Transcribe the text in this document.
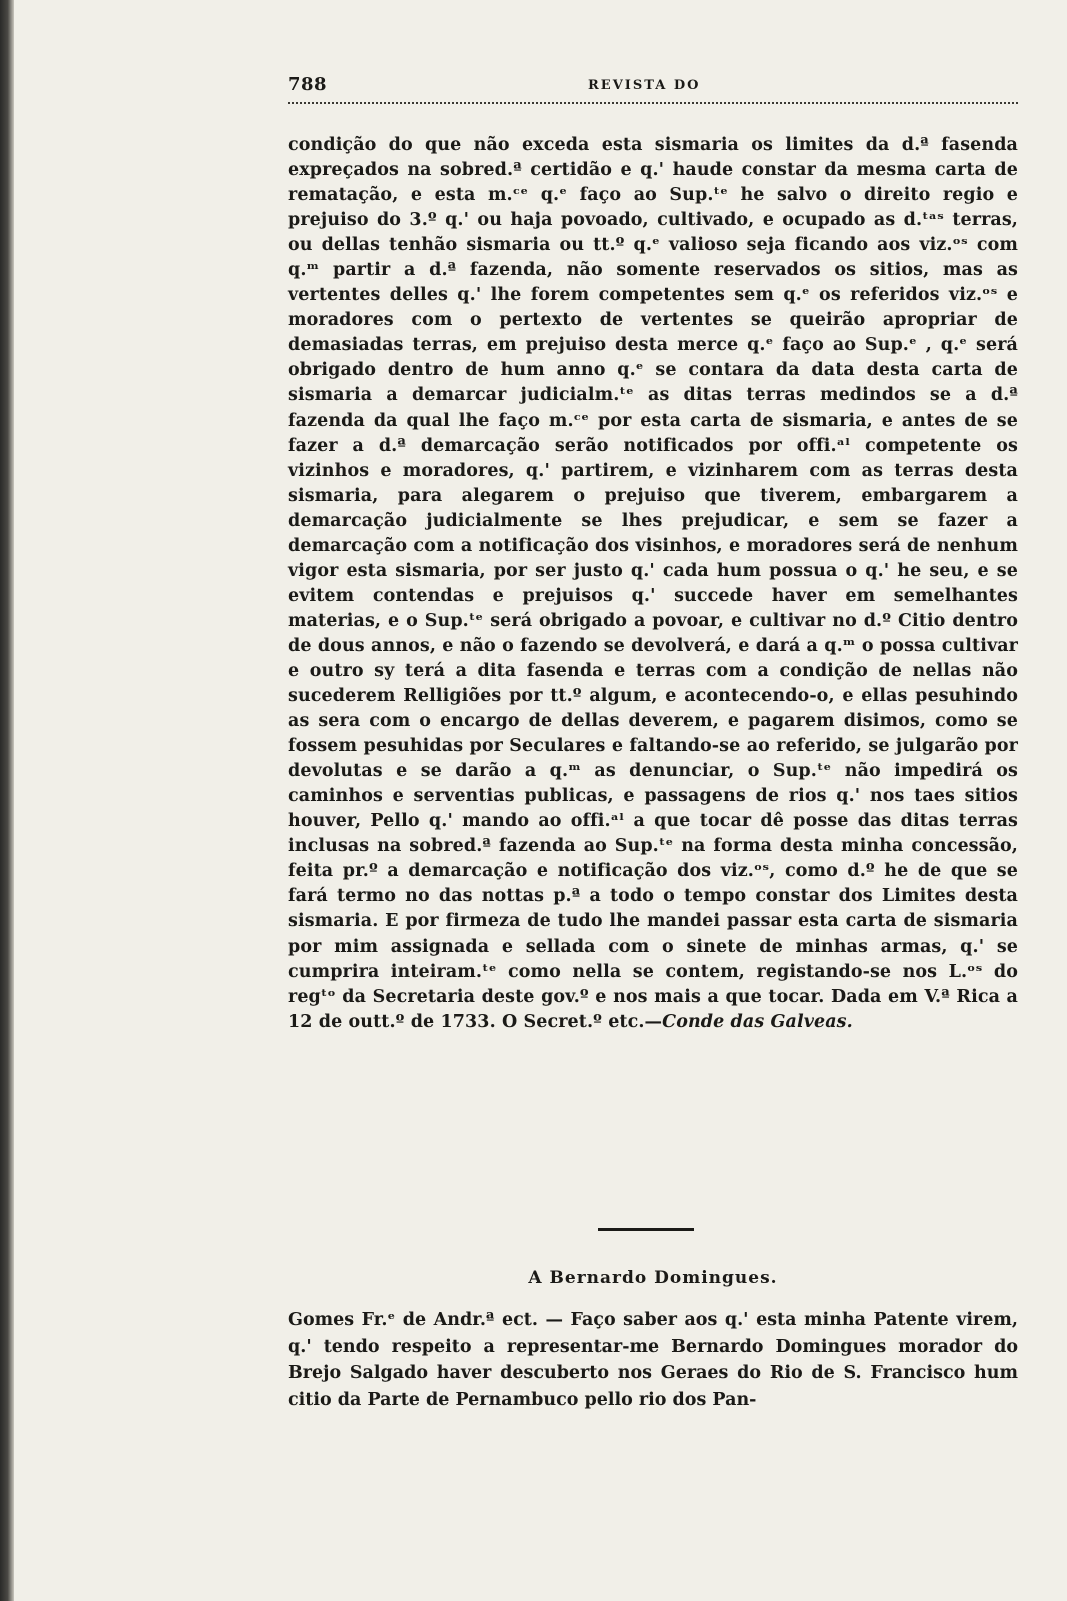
788	REVISTA DO

condição do que não exceda esta sismaria os limites da d.ª fasenda expreçados na sobred.ª certidão e q.' haude constar da mesma carta de rematação, e esta m.ᶜᵉ q.ᵉ faço ao Sup.ᵗᵉ he salvo o direito regio e prejuiso do 3.º q.' ou haja povoado, cultivado, e ocupado as d.ᵗᵃˢ terras, ou dellas tenhão sismaria ou tt.º q.ᵉ valioso seja ficando aos viz.ᵒˢ com q.ᵐ partir a d.ª fazenda, não somente reservados os sitios, mas as vertentes delles q.' lhe forem competentes sem q.ᵉ os referidos viz.ᵒˢ e moradores com o pertexto de vertentes se queirão apropriar de demasiadas terras, em prejuiso desta merce q.ᵉ faço ao Sup.ᵉ , q.ᵉ será obrigado dentro de hum anno q.ᵉ se contara da data desta carta de sismaria a demarcar judicialm.ᵗᵉ as ditas terras medindos se a d.ª fazenda da qual lhe faço m.ᶜᵉ por esta carta de sismaria, e antes de se fazer a d.ª demarcação serão notificados por offi.ᵃˡ competente os vizinhos e moradores, q.' partirem, e vizinharem com as terras desta sismaria, para alegarem o prejuiso que tiverem, embargarem a demarcação judicialmente se lhes prejudicar, e sem se fazer a demarcação com a notificação dos visinhos, e moradores será de nenhum vigor esta sismaria, por ser justo q.' cada hum possua o q.' he seu, e se evitem contendas e prejuisos q.' succede haver em semelhantes materias, e o Sup.ᵗᵉ será obrigado a povoar, e cultivar no d.º Citio dentro de dous annos, e não o fazendo se devolverá, e dará a q.ᵐ o possa cultivar e outro sy terá a dita fasenda e terras com a condição de nellas não sucederem Relligiões por tt.º algum, e acontecendo-o, e ellas pesuhindo as sera com o encargo de dellas deverem, e pagarem disimos, como se fossem pesuhidas por Seculares e faltando-se ao referido, se julgarão por devolutas e se darão a q.ᵐ as denunciar, o Sup.ᵗᵉ não impedirá os caminhos e serventias publicas, e passagens de rios q.' nos taes sitios houver, Pello q.' mando ao offi.ᵃˡ a que tocar dê posse das ditas terras inclusas na sobred.ª fazenda ao Sup.ᵗᵉ na forma desta minha concessão, feita pr.º a demarcação e notificação dos viz.ᵒˢ, como d.º he de que se fará termo no das nottas p.ª a todo o tempo constar dos Limites desta sismaria. E por firmeza de tudo lhe mandei passar esta carta de sismaria por mim assignada e sellada com o sinete de minhas armas, q.' se cumprira inteiram.ᵗᵉ como nella se contem, registando-se nos L.ᵒˢ do regᵗᵒ da Secretaria deste gov.º e nos mais a que tocar. Dada em V.ª Rica a 12 de outt.º de 1733. O Secret.º etc.—Conde das Galveas.

A Bernardo Domingues.

Gomes Fr.ᵉ de Andr.ª ect. — Faço saber aos q.' esta minha Patente virem, q.' tendo respeito a representar-me Bernardo Domingues morador do Brejo Salgado haver descuberto nos Geraes do Rio de S. Francisco hum citio da Parte de Pernambuco pello rio dos Pan-
